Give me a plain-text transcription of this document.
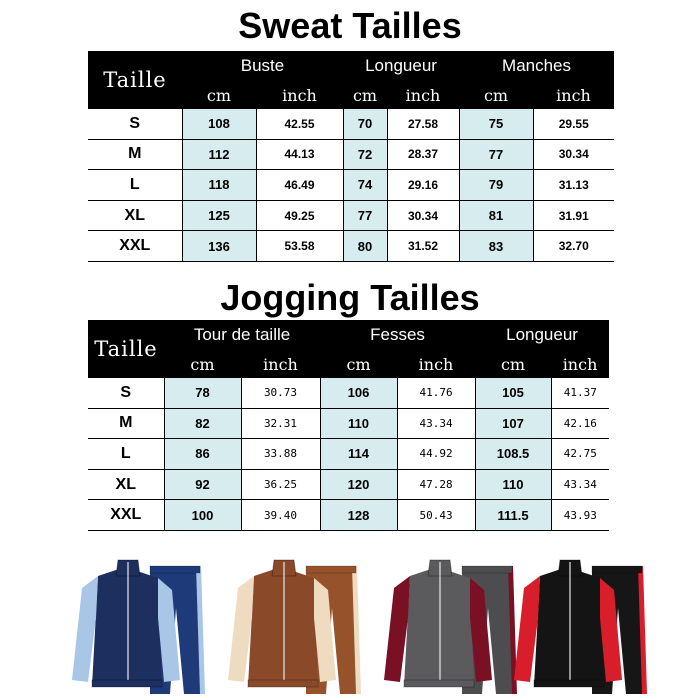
Sweat Tailles
Taille	Buste		Longueur		Manches	
	cm	inch	cm	inch	cm	inch
S	108	42.55	70	27.58	75	29.55
M	112	44.13	72	28.37	77	30.34
L	118	46.49	74	29.16	79	31.13
XL	125	49.25	77	30.34	81	31.91
XXL	136	53.58	80	31.52	83	32.70
Jogging Tailles
Taille	Tour de taille		Fesses		Longueur	
	cm	inch	cm	inch	cm	inch
S	78	30.73	106	41.76	105	41.37
M	82	32.31	110	43.34	107	42.16
L	86	33.88	114	44.92	108.5	42.75
XL	92	36.25	120	47.28	110	43.34
XXL	100	39.40	128	50.43	111.5	43.93
